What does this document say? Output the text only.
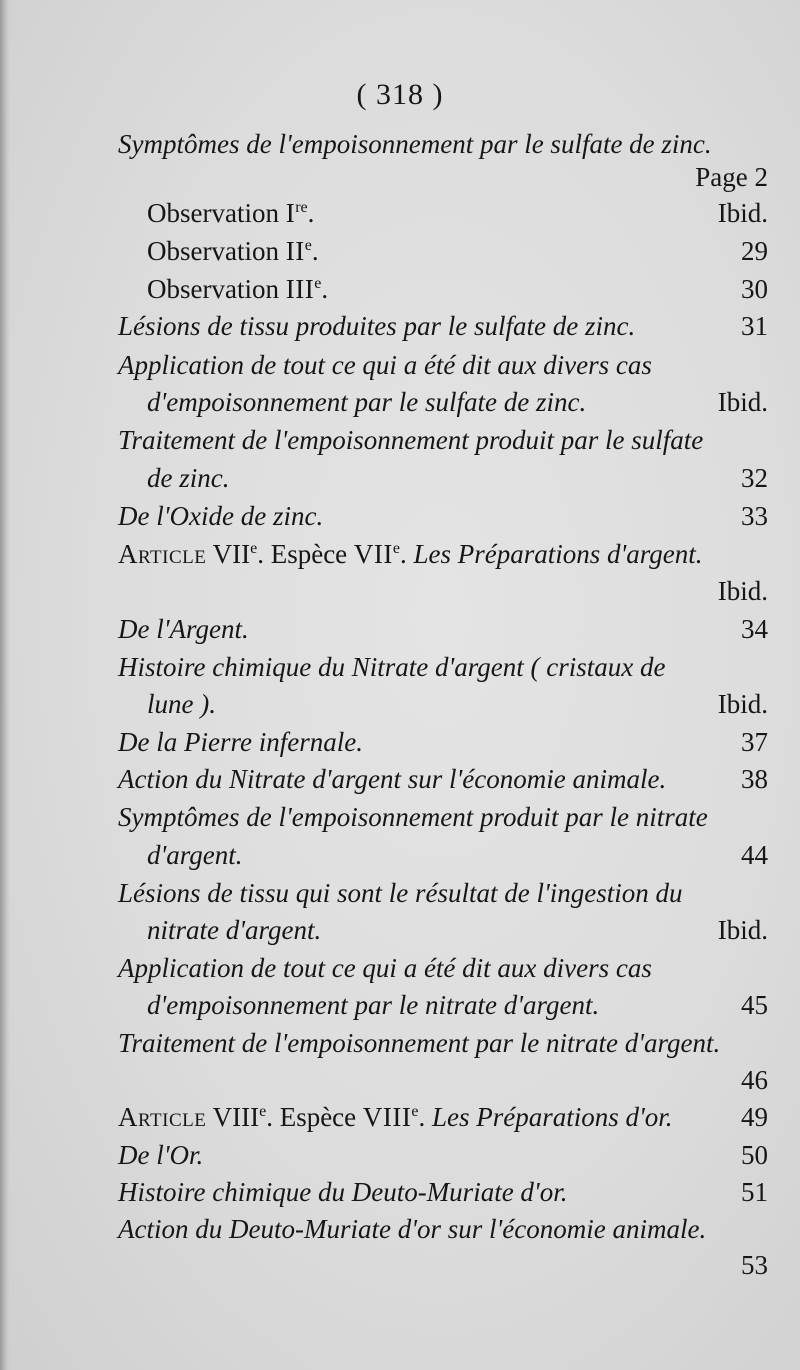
( 318 )
Symptômes de l'empoisonnement par le sulfate de zinc.
Page 2
Observation Ire.	Ibid.
Observation IIe.	29
Observation IIIe.	30
Lésions de tissu produites par le sulfate de zinc.	31
Application de tout ce qui a été dit aux divers cas
d'empoisonnement par le sulfate de zinc.	Ibid.
Traitement de l'empoisonnement produit par le sulfate
de zinc.	32
De l'Oxide de zinc.	33
Article VIIe. Espèce VIIe. Les Préparations d'argent.
Ibid.
De l'Argent.	34
Histoire chimique du Nitrate d'argent ( cristaux de
lune ).	Ibid.
De la Pierre infernale.	37
Action du Nitrate d'argent sur l'économie animale.	38
Symptômes de l'empoisonnement produit par le nitrate
d'argent.	44
Lésions de tissu qui sont le résultat de l'ingestion du
nitrate d'argent.	Ibid.
Application de tout ce qui a été dit aux divers cas
d'empoisonnement par le nitrate d'argent.	45
Traitement de l'empoisonnement par le nitrate d'argent.
46
Article VIIIe. Espèce VIIIe. Les Préparations d'or.	49
De l'Or.	50
Histoire chimique du Deuto-Muriate d'or.	51
Action du Deuto-Muriate d'or sur l'économie animale.
53
